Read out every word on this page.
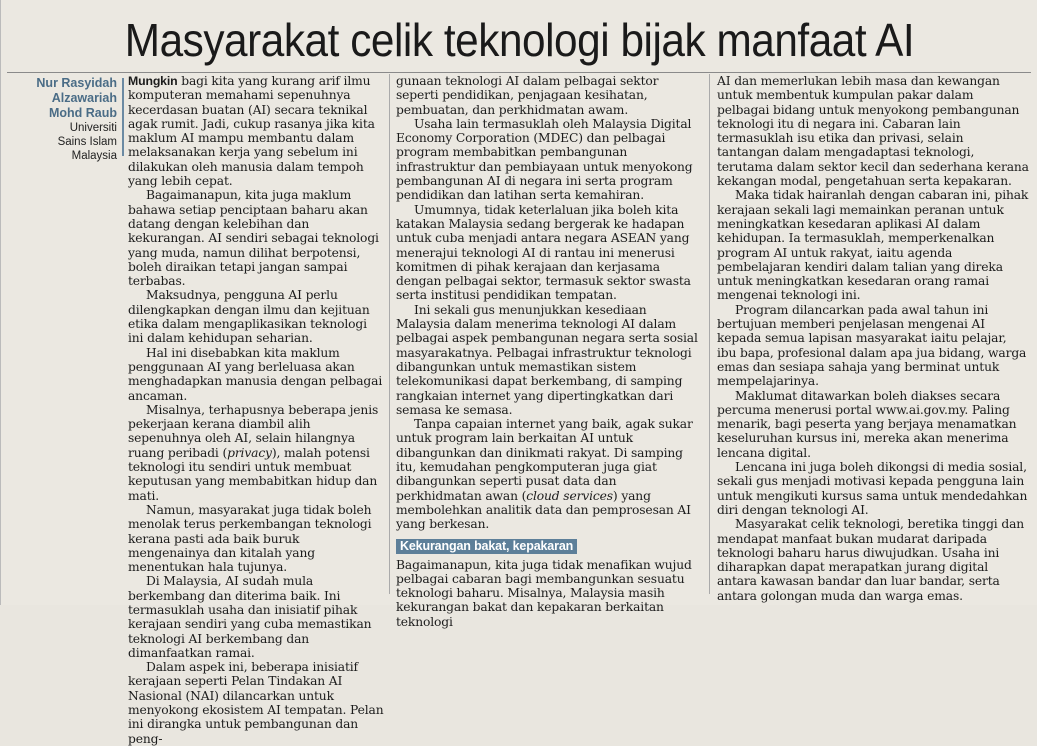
Masyarakat celik teknologi bijak manfaat AI
Nur Rasyidah
Alzawariah
Mohd Raub
Universiti
Sains Islam
Malaysia

Mungkin bagi kita yang kurang arif ilmu komputeran memahami sepenuhnya kecerdasan buatan (AI) secara teknikal agak rumit. Jadi, cukup rasanya jika kita maklum AI mampu membantu dalam melaksanakan kerja yang sebelum ini dilakukan oleh manusia dalam tempoh yang lebih cepat.

Bagaimanapun, kita juga maklum bahawa setiap penciptaan baharu akan datang dengan kelebihan dan kekurangan. AI sendiri sebagai teknologi yang muda, namun dilihat berpotensi, boleh diraikan tetapi jangan sampai terbabas.

Maksudnya, pengguna AI perlu dilengkapkan dengan ilmu dan kejituan etika dalam mengaplikasikan teknologi ini dalam kehidupan seharian.

Hal ini disebabkan kita maklum penggunaan AI yang berleluasa akan menghadapkan manusia dengan pelbagai ancaman.

Misalnya, terhapusnya beberapa jenis pekerjaan kerana diambil alih sepenuhnya oleh AI, selain hilangnya ruang peribadi (privacy), malah potensi teknologi itu sendiri untuk membuat keputusan yang membabitkan hidup dan mati.

Namun, masyarakat juga tidak boleh menolak terus perkembangan teknologi kerana pasti ada baik buruk mengenainya dan kitalah yang menentukan hala tujunya.

Di Malaysia, AI sudah mula berkembang dan diterima baik. Ini termasuklah usaha dan inisiatif pihak kerajaan sendiri yang cuba memastikan teknologi AI berkembang dan dimanfaatkan ramai.

Dalam aspek ini, beberapa inisiatif kerajaan seperti Pelan Tindakan AI Nasional (NAI) dilancarkan untuk menyokong ekosistem AI tempatan. Pelan ini dirangka untuk pembangunan dan peng-

gunaan teknologi AI dalam pelbagai sektor seperti pendidikan, penjagaan kesihatan, pembuatan, dan perkhidmatan awam.

Usaha lain termasuklah oleh Malaysia Digital Economy Corporation (MDEC) dan pelbagai program membabitkan pembangunan infrastruktur dan pembiayaan untuk menyokong pembangunan AI di negara ini serta program pendidikan dan latihan serta kemahiran.

Umumnya, tidak keterlaluan jika boleh kita katakan Malaysia sedang bergerak ke hadapan untuk cuba menjadi antara negara ASEAN yang menerajui teknologi AI di rantau ini menerusi komitmen di pihak kerajaan dan kerjasama dengan pelbagai sektor, termasuk sektor swasta serta institusi pendidikan tempatan.

Ini sekali gus menunjukkan kesediaan Malaysia dalam menerima teknologi AI dalam pelbagai aspek pembangunan negara serta sosial masyarakatnya. Pelbagai infrastruktur teknologi dibangunkan untuk memastikan sistem telekomunikasi dapat berkembang, di samping rangkaian internet yang dipertingkatkan dari semasa ke semasa.

Tanpa capaian internet yang baik, agak sukar untuk program lain berkaitan AI untuk dibangunkan dan dinikmati rakyat. Di samping itu, kemudahan pengkomputeran juga giat dibangunkan seperti pusat data dan perkhidmatan awan (cloud services) yang membolehkan analitik data dan pemprosesan AI yang berkesan.

Kekurangan bakat, kepakaran

Bagaimanapun, kita juga tidak menafikan wujud pelbagai cabaran bagi membangunkan sesuatu teknologi baharu. Misalnya, Malaysia masih kekurangan bakat dan kepakaran berkaitan teknologi

AI dan memerlukan lebih masa dan kewangan untuk membentuk kumpulan pakar dalam pelbagai bidang untuk menyokong pembangunan teknologi itu di negara ini. Cabaran lain termasuklah isu etika dan privasi, selain tantangan dalam mengadaptasi teknologi, terutama dalam sektor kecil dan sederhana kerana kekangan modal, pengetahuan serta kepakaran.

Maka tidak hairanlah dengan cabaran ini, pihak kerajaan sekali lagi memainkan peranan untuk meningkatkan kesedaran aplikasi AI dalam kehidupan. Ia termasuklah, memperkenalkan program AI untuk rakyat, iaitu agenda pembelajaran kendiri dalam talian yang direka untuk meningkatkan kesedaran orang ramai mengenai teknologi ini.

Program dilancarkan pada awal tahun ini bertujuan memberi penjelasan mengenai AI kepada semua lapisan masyarakat iaitu pelajar, ibu bapa, profesional dalam apa jua bidang, warga emas dan sesiapa sahaja yang berminat untuk mempelajarinya.

Maklumat ditawarkan boleh diakses secara percuma menerusi portal www.ai.gov.my. Paling menarik, bagi peserta yang berjaya menamatkan keseluruhan kursus ini, mereka akan menerima lencana digital.

Lencana ini juga boleh dikongsi di media sosial, sekali gus menjadi motivasi kepada pengguna lain untuk mengikuti kursus sama untuk mendedahkan diri dengan teknologi AI.

Masyarakat celik teknologi, beretika tinggi dan mendapat manfaat bukan mudarat daripada teknologi baharu harus diwujudkan. Usaha ini diharapkan dapat merapatkan jurang digital antara kawasan bandar dan luar bandar, serta antara golongan muda dan warga emas.
